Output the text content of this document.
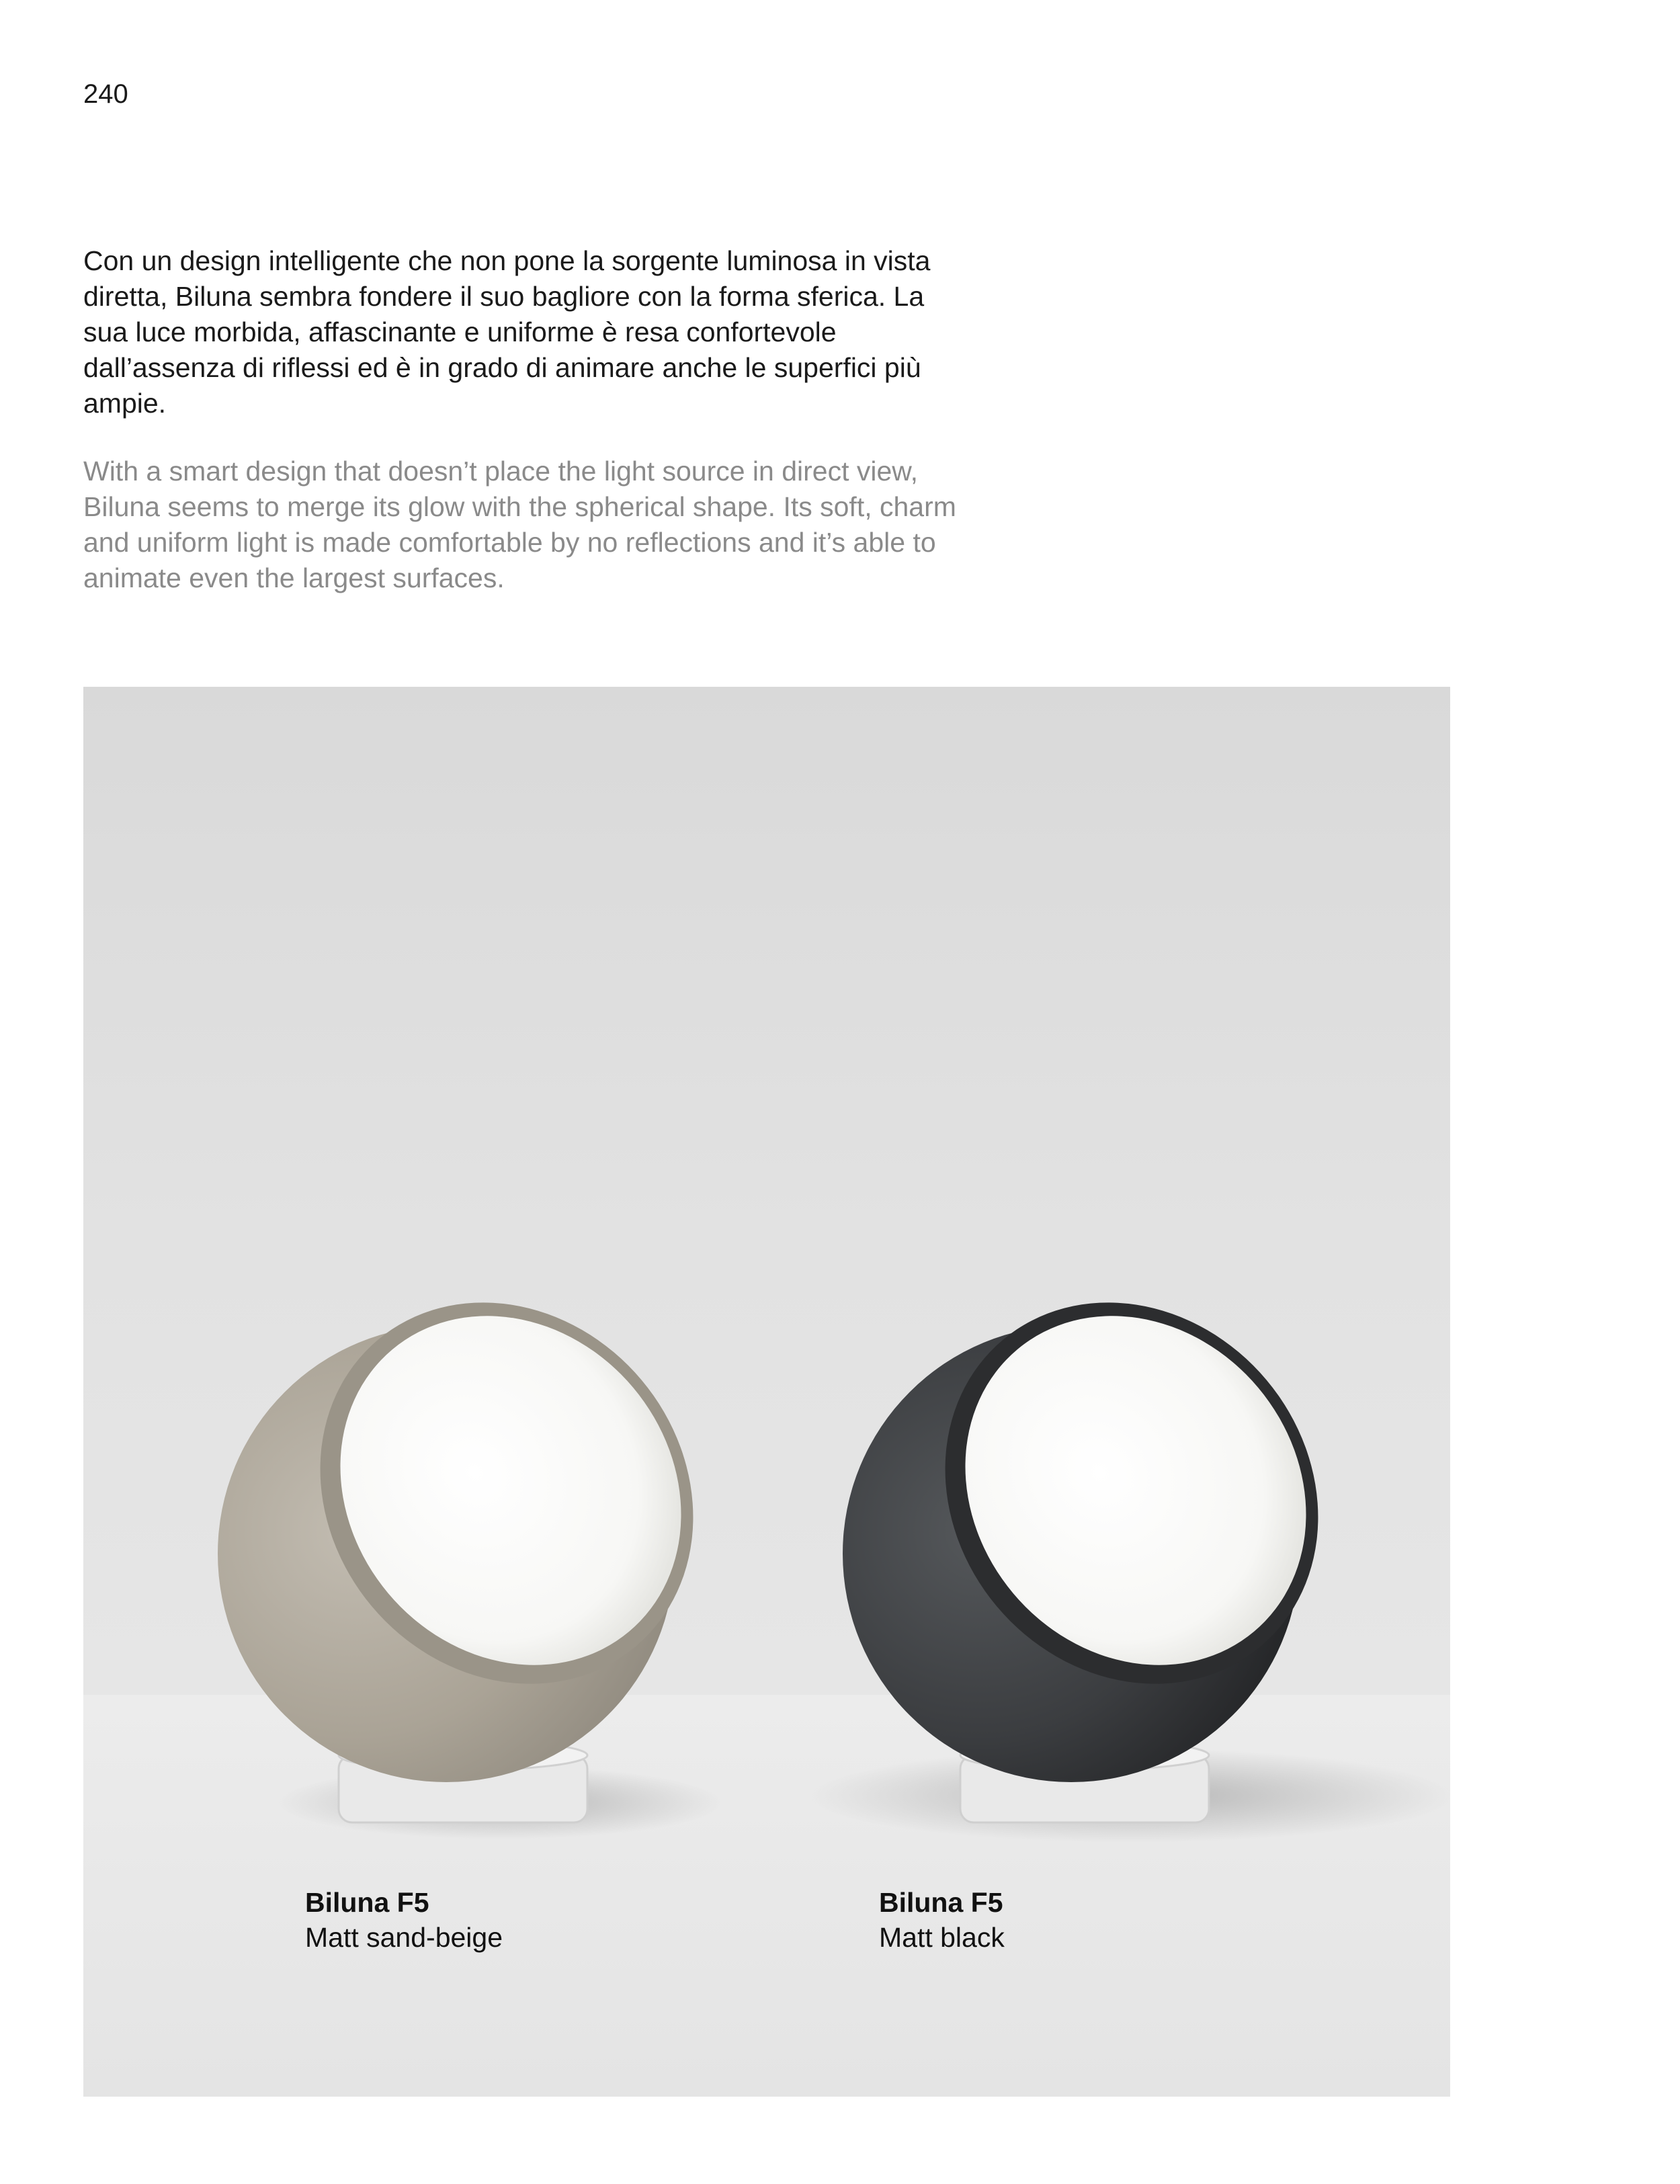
240

Con un design intelligente che non pone la sorgente luminosa in vista diretta, Biluna sembra fondere il suo bagliore con la forma sferica. La sua luce morbida, affascinante e uniforme è resa confortevole dall’assenza di riflessi ed è in grado di animare anche le superfici più ampie.

With a smart design that doesn’t place the light source in direct view, Biluna seems to merge its glow with the spherical shape. Its soft, charm and uniform light is made comfortable by no reflections and it’s able to animate even the largest surfaces.

Biluna F5
Matt sand-beige
Biluna F5
Matt black
